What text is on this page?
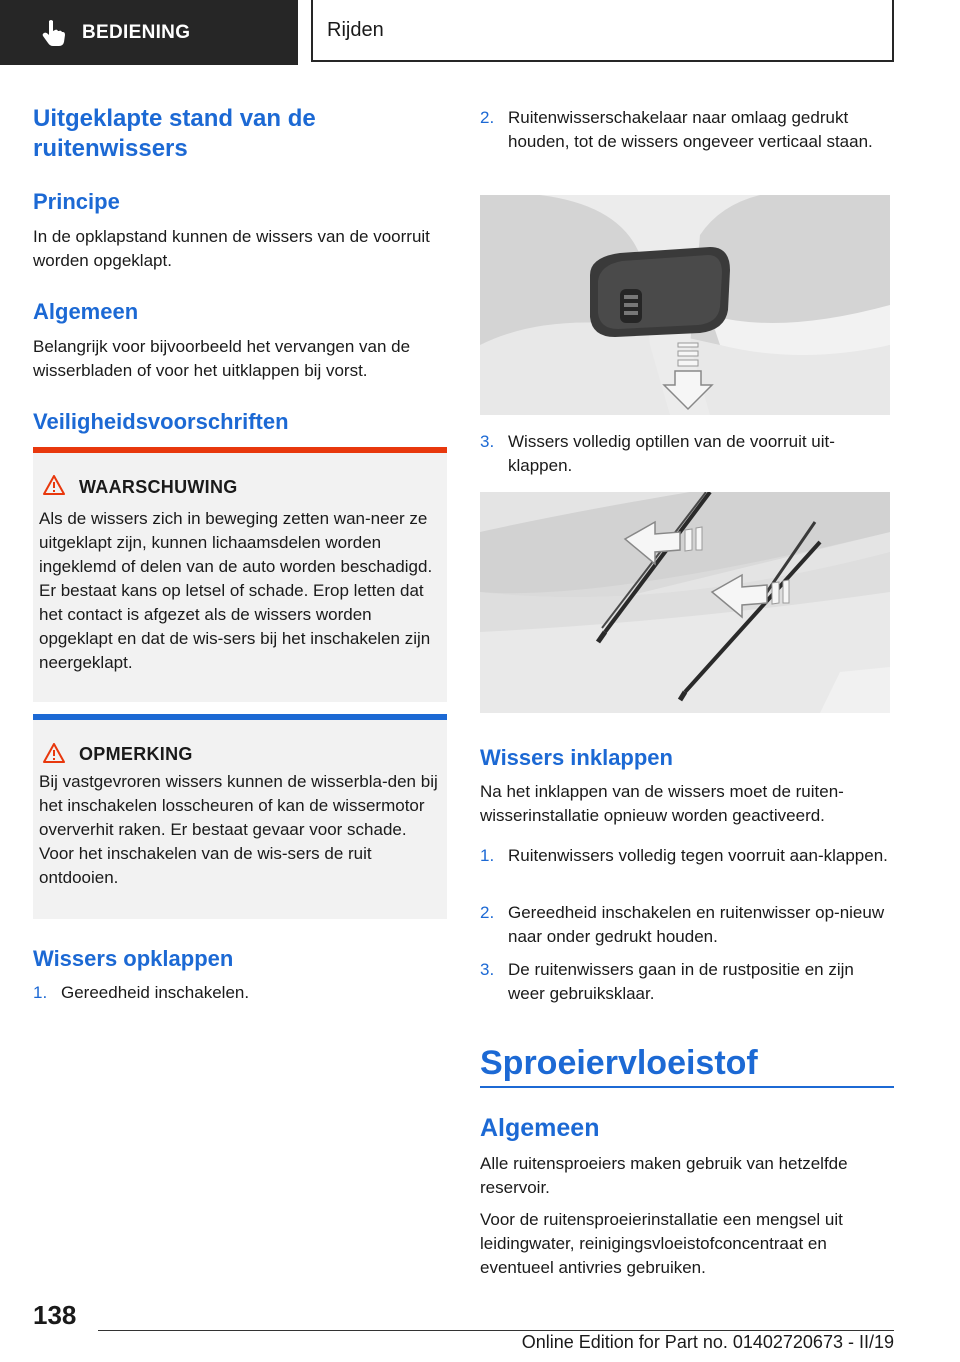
BEDIENING	Rijden
Uitgeklapte stand van de ruitenwissers
Principe
In de opklapstand kunnen de wissers van de voorruit worden opgeklapt.
Algemeen
Belangrijk voor bijvoorbeeld het vervangen van de wisserbladen of voor het uitklappen bij vorst.
Veiligheidsvoorschriften
WAARSCHUWING
Als de wissers zich in beweging zetten wan-neer ze uitgeklapt zijn, kunnen lichaamsdelen worden ingeklemd of delen van de auto worden beschadigd. Er bestaat kans op letsel of schade. Erop letten dat het contact is afgezet als de wissers worden opgeklapt en dat de wis-sers bij het inschakelen zijn neergeklapt.
OPMERKING
Bij vastgevroren wissers kunnen de wisserbla-den bij het inschakelen losscheuren of kan de wissermotor oververhit raken. Er bestaat gevaar voor schade. Voor het inschakelen van de wis-sers de ruit ontdooien.
Wissers opklappen
1. Gereedheid inschakelen.
2. Ruitenwisserschakelaar naar omlaag gedrukt houden, tot de wissers ongeveer verticaal staan.
3. Wissers volledig optillen van de voorruit uit-klappen.
Wissers inklappen
Na het inklappen van de wissers moet de ruiten-wisserinstallatie opnieuw worden geactiveerd.
1. Ruitenwissers volledig tegen voorruit aan-klappen.
2. Gereedheid inschakelen en ruitenwisser op-nieuw naar onder gedrukt houden.
3. De ruitenwissers gaan in de rustpositie en zijn weer gebruiksklaar.
Sproeiervloeistof
Algemeen
Alle ruitensproeiers maken gebruik van hetzelfde reservoir.
Voor de ruitensproeierinstallatie een mengsel uit leidingwater, reinigingsvloeistofconcentraat en eventueel antivries gebruiken.
138
Online Edition for Part no. 01402720673 - II/19
